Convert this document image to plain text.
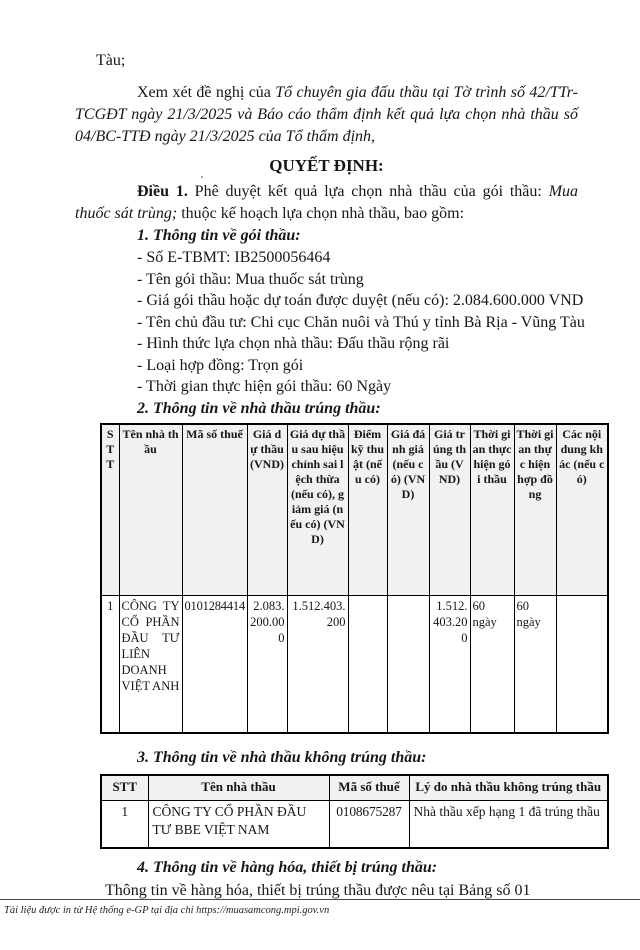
Tàu;

Xem xét đề nghị của Tổ chuyên gia đấu thầu tại Tờ trình số 42/TTr-TCGĐT ngày 21/3/2025 và Báo cáo thẩm định kết quả lựa chọn nhà thầu số 04/BC-TTĐ ngày 21/3/2025 của Tổ thẩm định,

QUYẾT ĐỊNH:

Điều 1. Phê duyệt kết quả lựa chọn nhà thầu của gói thầu: Mua thuốc sát trùng; thuộc kế hoạch lựa chọn nhà thầu, bao gồm:

1. Thông tin về gói thầu:

- Số E-TBMT: IB2500056464

- Tên gói thầu: Mua thuốc sát trùng

- Giá gói thầu hoặc dự toán được duyệt (nếu có): 2.084.600.000 VND

- Tên chủ đầu tư: Chi cục Chăn nuôi và Thú y tỉnh Bà Rịa - Vũng Tàu

- Hình thức lựa chọn nhà thầu: Đấu thầu rộng rãi

- Loại hợp đồng: Trọn gói

- Thời gian thực hiện gói thầu: 60 Ngày

2. Thông tin về nhà thầu trúng thầu:

STT	Tên nhà thầu	Mã số thuế	Giá dự thầu (VND)	Giá dự thầu sau hiệu chỉnh sai lệch thừa (nếu có), giảm giá (nếu có) (VND)	Điểm kỹ thuật (nếu có)	Giá đánh giá (nếu có) (VND)	Giá trúng thầu (VND)	Thời gian thực hiện gói thầu	Thời gian thực hiện hợp đồng	Các nội dung khác (nếu có)
1	CÔNG TY CỔ PHẦN ĐẦU TƯ LIÊN DOANH VIỆT ANH	0101284414	2.083.200.000	1.512.403.200			1.512.403.200	60 ngày	60 ngày	

3. Thông tin về nhà thầu không trúng thầu:

STT	Tên nhà thầu	Mã số thuế	Lý do nhà thầu không trúng thầu
1	CÔNG TY CỔ PHẦN ĐẦU TƯ BBE VIỆT NAM	0108675287	Nhà thầu xếp hạng 1 đã trúng thầu

4. Thông tin về hàng hóa, thiết bị trúng thầu:

Thông tin về hàng hóa, thiết bị trúng thầu được nêu tại Bảng số 01

Tài liệu được in từ Hệ thống e-GP tại địa chỉ https://muasamcong.mpi.gov.vn
